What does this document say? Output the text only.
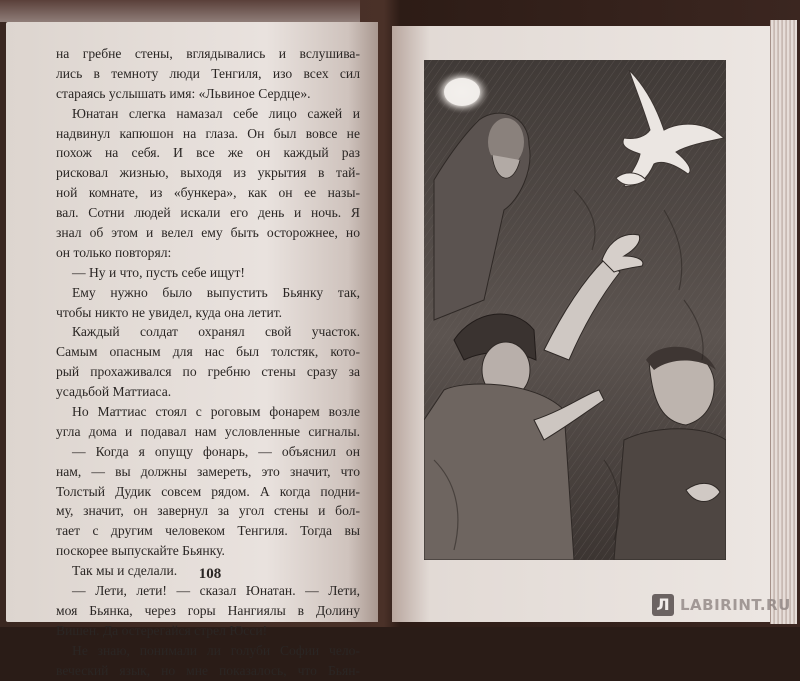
на гребне стены, вглядывались и вслушива-
лись в темноту люди Тенгиля, изо всех сил
стараясь услышать имя: «Львиное Сердце».
Юнатан слегка намазал себе лицо сажей и
надвинул капюшон на глаза. Он был вовсе не
похож на себя. И все же он каждый раз
рисковал жизнью, выходя из укрытия в тай-
ной комнате, из «бункера», как он ее назы-
вал. Сотни людей искали его день и ночь. Я
знал об этом и велел ему быть осторожнее, но
он только повторял:
— Ну и что, пусть себе ищут!
Ему нужно было выпустить Бьянку так,
чтобы никто не увидел, куда она летит.
Каждый солдат охранял свой участок.
Самым опасным для нас был толстяк, кото-
рый прохаживался по гребню стены сразу за
усадьбой Маттиаса.
Но Маттиас стоял с роговым фонарем возле
угла дома и подавал нам условленные сигналы.
— Когда я опущу фонарь, — объяснил он
нам, — вы должны замереть, это значит, что
Толстый Дудик совсем рядом. А когда подни-
му, значит, он завернул за угол стены и бол-
тает с другим человеком Тенгиля. Тогда вы
поскорее выпускайте Бьянку.
Так мы и сделали.
— Лети, лети! — сказал Юнатан. — Лети,
моя Бьянка, через горы Нангиялы в Долину
Вишен. Да остерегайся стрел Юсси!
Не знаю, понимали ли голуби Софии чело-
веческий язык, но мне показалось, что Бьян-
108
Л LABIRINT.RU
